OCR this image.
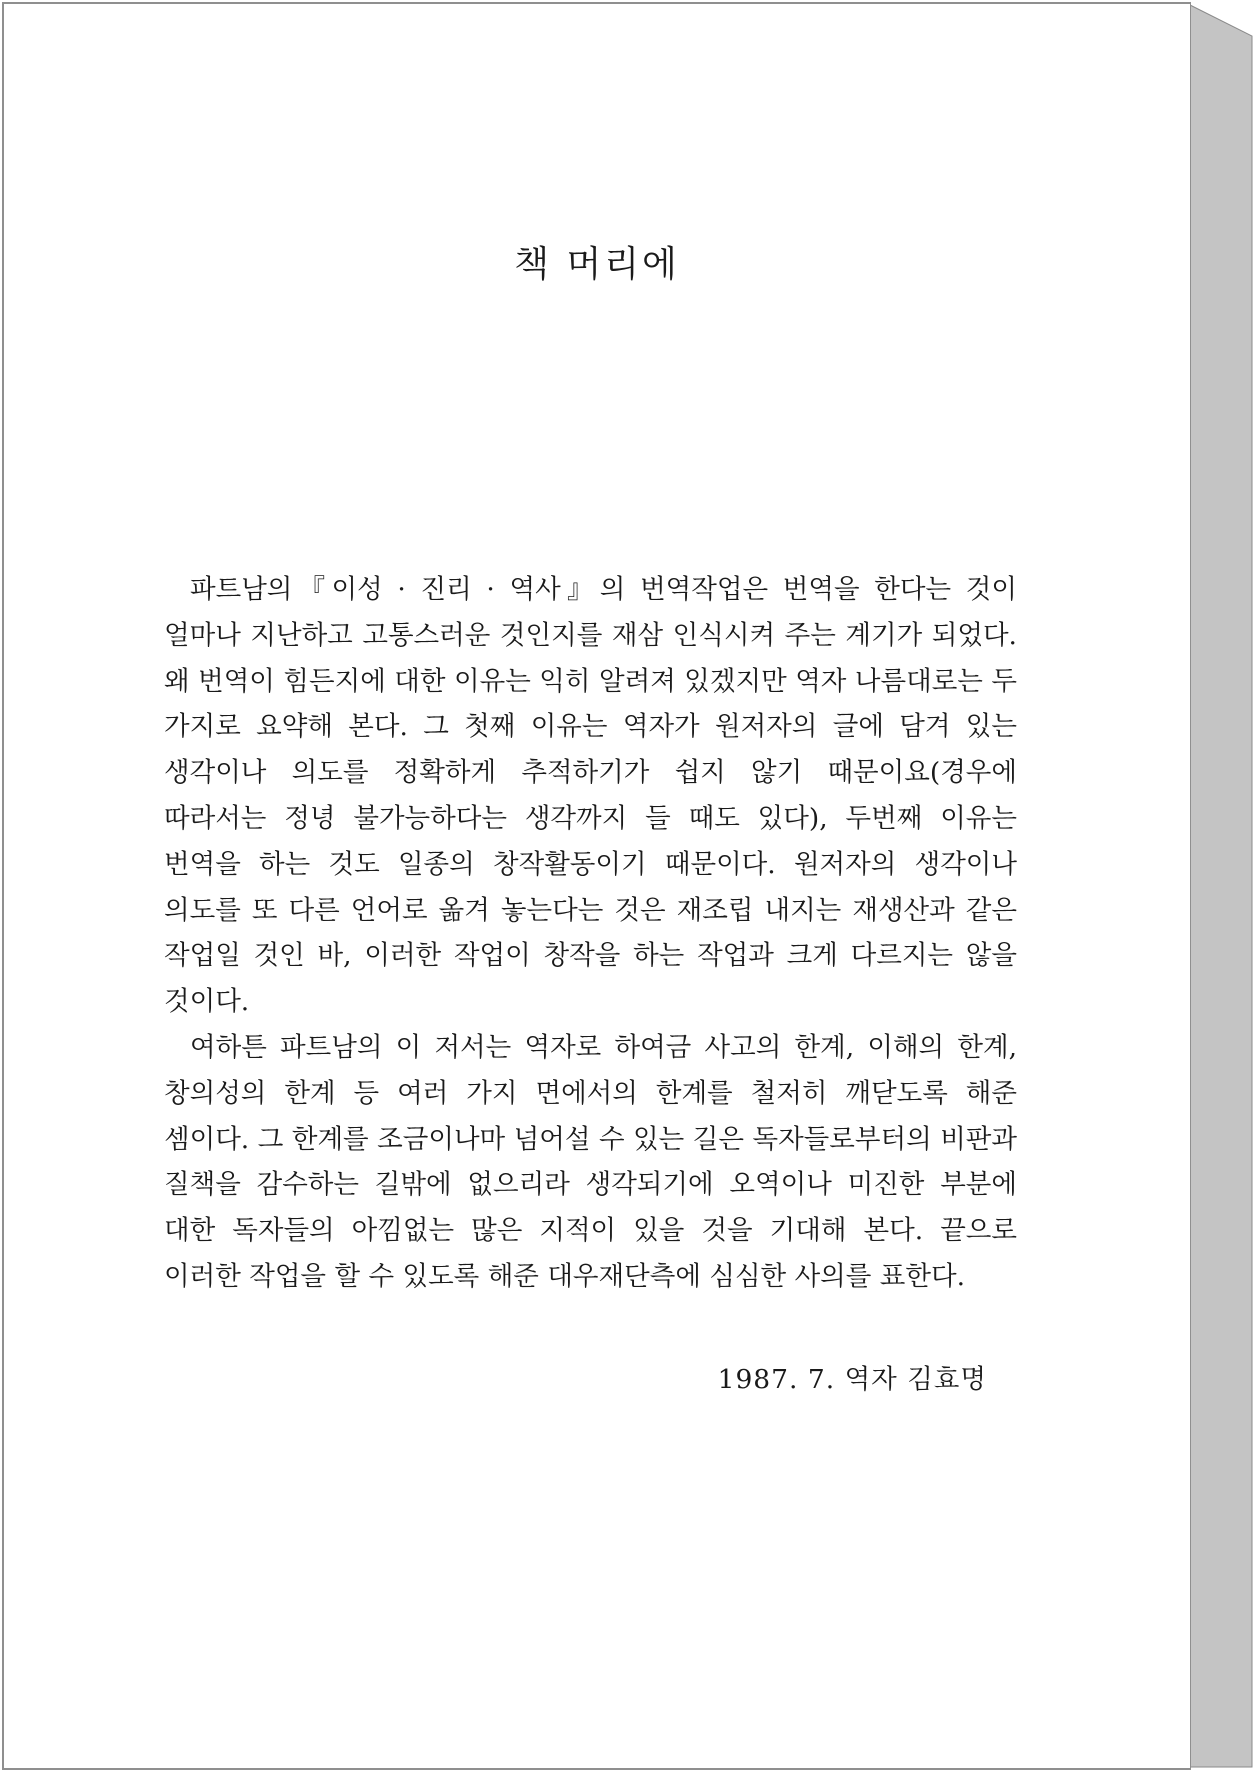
책 머리에

파트남의『이성 · 진리 · 역사』의 번역작업은 번역을 한다는 것이 얼마나 지난하고 고통스러운 것인지를 재삼 인식시켜 주는 계기가 되었다. 왜 번역이 힘든지에 대한 이유는 익히 알려져 있겠지만 역자 나름대로는 두 가지로 요약해 본다. 그 첫째 이유는 역자가 원저자의 글에 담겨 있는 생각이나 의도를 정확하게 추적하기가 쉽지 않기 때문이요(경우에 따라서는 정녕 불가능하다는 생각까지 들 때도 있다), 두번째 이유는 번역을 하는 것도 일종의 창작활동이기 때문이다. 원저자의 생각이나 의도를 또 다른 언어로 옮겨 놓는다는 것은 재조립 내지는 재생산과 같은 작업일 것인 바, 이러한 작업이 창작을 하는 작업과 크게 다르지는 않을 것이다.

여하튼 파트남의 이 저서는 역자로 하여금 사고의 한계, 이해의 한계, 창의성의 한계 등 여러 가지 면에서의 한계를 철저히 깨닫도록 해준 셈이다. 그 한계를 조금이나마 넘어설 수 있는 길은 독자들로부터의 비판과 질책을 감수하는 길밖에 없으리라 생각되기에 오역이나 미진한 부분에 대한 독자들의 아낌없는 많은 지적이 있을 것을 기대해 본다. 끝으로 이러한 작업을 할 수 있도록 해준 대우재단측에 심심한 사의를 표한다.

1987. 7. 역자 김효명
